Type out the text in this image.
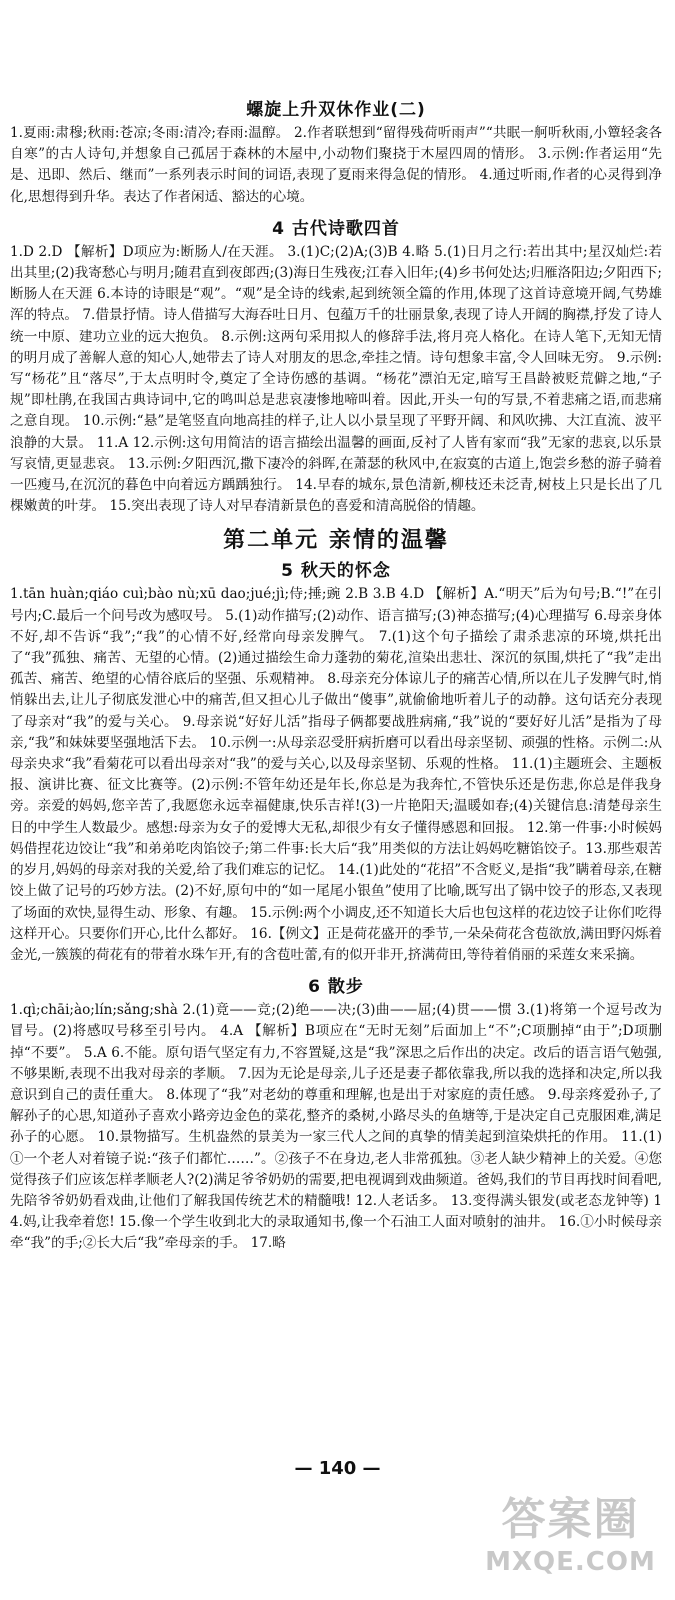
螺旋上升双休作业(二)

1.夏雨:肃穆;秋雨:苍凉;冬雨:清冷;春雨:温醇。 2.作者联想到“留得残荷听雨声”“共眠一舸听秋雨,小簟轻衾各自寒”的古人诗句,并想象自己孤居于森林的木屋中,小动物们聚挠于木屋四周的情形。 3.示例:作者运用“先是、迅即、然后、继而”一系列表示时间的词语,表现了夏雨来得急促的情形。 4.通过听雨,作者的心灵得到净化,思想得到升华。表达了作者闲适、豁达的心境。

4 古代诗歌四首

1.D 2.D 【解析】D项应为:断肠人/在天涯。 3.(1)C;(2)A;(3)B 4.略 5.(1)日月之行:若出其中;星汉灿烂:若出其里;(2)我寄愁心与明月;随君直到夜郎西;(3)海日生残夜;江春入旧年;(4)乡书何处达;归雁洛阳边;夕阳西下;断肠人在天涯 6.本诗的诗眼是“观”。“观”是全诗的线索,起到统领全篇的作用,体现了这首诗意境开阔,气势雄浑的特点。 7.借景抒情。诗人借描写大海吞吐日月、包蕴万千的壮丽景象,表现了诗人开阔的胸襟,抒发了诗人统一中原、建功立业的远大抱负。 8.示例:这两句采用拟人的修辞手法,将月亮人格化。在诗人笔下,无知无情的明月成了善解人意的知心人,她带去了诗人对朋友的思念,牵挂之情。诗句想象丰富,令人回味无穷。 9.示例:写“杨花”且“落尽”,于太点明时令,奠定了全诗伤感的基调。“杨花”漂泊无定,暗写王昌龄被贬荒僻之地,“子规”即杜鹃,在我国古典诗词中,它的鸣叫总是悲哀凄惨地啼叫着。因此,开头一句的写景,不着悲痛之语,而悲痛之意自现。 10.示例:“悬”是笔竖直向地高挂的样子,让人以小景呈现了平野开阔、和风吹拂、大江直流、波平浪静的大景。 11.A 12.示例:这句用简洁的语言描绘出温馨的画面,反衬了人皆有家而“我”无家的悲哀,以乐景写哀情,更显悲哀。 13.示例:夕阳西沉,撒下凄冷的斜晖,在萧瑟的秋风中,在寂寞的古道上,饱尝乡愁的游子骑着一匹瘦马,在沉沉的暮色中向着远方踽踽独行。 14.早春的城东,景色清新,柳枝还未泛青,树枝上只是长出了几棵嫩黄的叶芽。 15.突出表现了诗人对早春清新景色的喜爱和清高脱俗的情趣。

第二单元 亲情的温馨
5 秋天的怀念

1.tān huàn;qiáo cuì;bào nù;xū dao;jué;jì;侍;捶;豌 2.B 3.B 4.D 【解析】A.“明天”后为句号;B.“!”在引号内;C.最后一个问号改为感叹号。 5.(1)动作描写;(2)动作、语言描写;(3)神态描写;(4)心理描写 6.母亲身体不好,却不告诉“我”;“我”的心情不好,经常向母亲发脾气。 7.(1)这个句子描绘了肃杀悲凉的环境,烘托出了“我”孤独、痛苦、无望的心情。(2)通过描绘生命力蓬勃的菊花,渲染出悲壮、深沉的氛围,烘托了“我”走出孤苦、痛苦、绝望的心情谷底后的坚强、乐观精神。 8.母亲充分体谅儿子的痛苦心情,所以在儿子发脾气时,悄悄躲出去,让儿子彻底发泄心中的痛苦,但又担心儿子做出“傻事”,就偷偷地听着儿子的动静。这句话充分表现了母亲对“我”的爱与关心。 9.母亲说“好好儿活”指母子俩都要战胜病痛,“我”说的“要好好儿活”是指为了母亲,“我”和妹妹要坚强地活下去。 10.示例一:从母亲忍受肝病折磨可以看出母亲坚韧、顽强的性格。示例二:从母亲央求“我”看菊花可以看出母亲对“我”的爱与关心,以及母亲坚韧、乐观的性格。 11.(1)主题班会、主题板报、演讲比赛、征文比赛等。(2)示例:不管年幼还是年长,你总是为我奔忙,不管快乐还是伤悲,你总是伴我身旁。亲爱的妈妈,您辛苦了,我愿您永远幸福健康,快乐吉祥!(3)一片艳阳天;温暖如春;(4)关键信息:清楚母亲生日的中学生人数最少。感想:母亲为女子的爱博大无私,却很少有女子懂得感恩和回报。 12.第一件事:小时候妈妈借捏花边饺让“我”和弟弟吃肉馅饺子;第二件事:长大后“我”用类似的方法让妈妈吃糖馅饺子。13.那些艰苦的岁月,妈妈的母亲对我的关爱,给了我们难忘的记忆。 14.(1)此处的“花招”不含贬义,是指“我”瞒着母亲,在糖饺上做了记号的巧妙方法。(2)不好,原句中的“如一尾尾小银鱼”使用了比喻,既写出了锅中饺子的形态,又表现了场面的欢快,显得生动、形象、有趣。 15.示例:两个小调皮,还不知道长大后也包这样的花边饺子让你们吃得这样开心。只要你们开心,比什么都好。 16.【例文】正是荷花盛开的季节,一朵朵荷花含苞欲放,满田野闪烁着金光,一簇簇的荷花有的带着水珠乍开,有的含苞吐蕾,有的似开非开,挤满荷田,等待着俏丽的采莲女来采摘。

6 散步

1.qì;chāi;ào;lín;sǎng;shà 2.(1)竟——竞;(2)绝——决;(3)曲——屈;(4)贯——惯 3.(1)将第一个逗号改为冒号。(2)将感叹号移至引号内。 4.A 【解析】B项应在“无时无刻”后面加上“不”;C项删掉“由于”;D项删掉“不要”。 5.A 6.不能。原句语气坚定有力,不容置疑,这是“我”深思之后作出的决定。改后的语言语气勉强,不够果断,表现不出我对母亲的孝顺。 7.因为无论是母亲,儿子还是妻子都依靠我,所以我的选择和决定,所以我意识到自己的责任重大。 8.体现了“我”对老幼的尊重和理解,也是出于对家庭的责任感。 9.母亲疼爱孙子,了解孙子的心思,知道孙子喜欢小路旁边金色的菜花,整齐的桑树,小路尽头的鱼塘等,于是决定自己克服困难,满足孙子的心愿。 10.景物描写。生机盎然的景美为一家三代人之间的真挚的情美起到渲染烘托的作用。 11.(1)①一个老人对着镜子说:“孩子们都忙……”。②孩子不在身边,老人非常孤独。③老人缺少精神上的关爱。④您觉得孩子们应该怎样孝顺老人?(2)满足爷爷奶奶的需要,把电视调到戏曲频道。爸妈,我们的节目再找时间看吧,先陪爷爷奶奶看戏曲,让他们了解我国传统艺术的精髓哦! 12.人老话多。 13.变得满头银发(或老态龙钟等) 14.妈,让我牵着您! 15.像一个学生收到北大的录取通知书,像一个石油工人面对喷射的油井。 16.①小时候母亲牵“我”的手;②长大后“我”牵母亲的手。 17.略

— 140 —
答案圈
MXQE.COM
